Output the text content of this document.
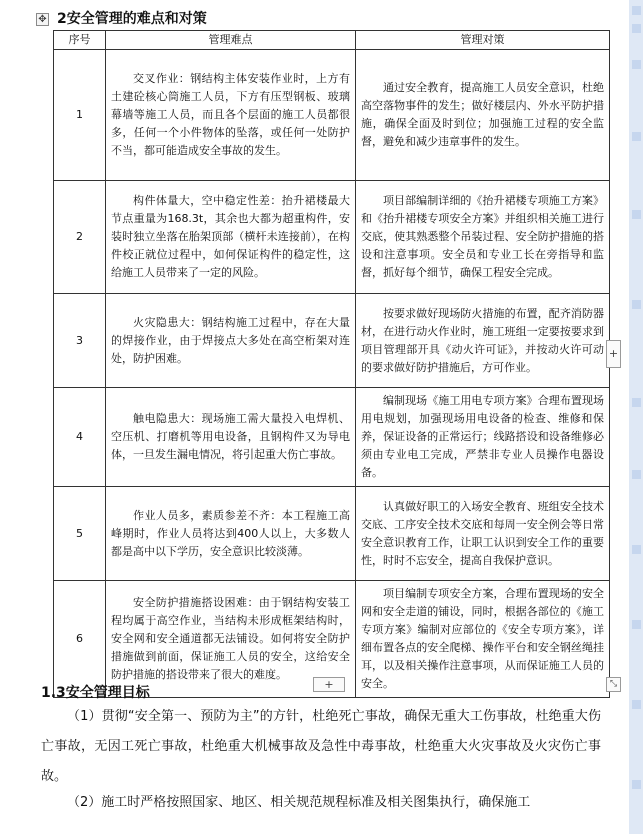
✥ 2安全管理的难点和对策
序号	管理难点	管理对策
1	交叉作业：钢结构主体安装作业时，上方有土建砼核心筒施工人员，下方有压型钢板、玻璃幕墙等施工人员，而且各个层面的施工人员都很多，任何一个小件物体的坠落，或任何一处防护不当，都可能造成安全事故的发生。	通过安全教育，提高施工人员安全意识，杜绝高空落物事件的发生；做好楼层内、外水平防护措施，确保全面及时到位；加强施工过程的安全监督，避免和减少违章事件的发生。
2	构件体量大，空中稳定性差：抬升裙楼最大节点重量为168.3t，其余也大都为超重构件，安装时独立坐落在胎架顶部（横杆未连接前），在构件校正就位过程中，如何保证构件的稳定性，这给施工人员带来了一定的风险。	项目部编制详细的《抬升裙楼专项施工方案》和《抬升裙楼专项安全方案》并组织相关施工进行交底，使其熟悉整个吊装过程、安全防护措施的搭设和注意事项。安全员和专业工长在旁指导和监督，抓好每个细节，确保工程安全完成。
3	火灾隐患大：钢结构施工过程中，存在大量的焊接作业，由于焊接点大多处在高空桁架对连处，防护困难。	按要求做好现场防火措施的布置，配齐消防器材，在进行动火作业时，施工班组一定要按要求到项目管理部开具《动火许可证》，并按动火许可动的要求做好防护措施后，方可作业。
4	触电隐患大：现场施工需大量投入电焊机、空压机、打磨机等用电设备，且钢构件又为导电体，一旦发生漏电情况，将引起重大伤亡事故。	编制现场《施工用电专项方案》合理布置现场用电规划，加强现场用电设备的检查、维修和保养，保证设备的正常运行；线路搭设和设备维修必须由专业电工完成，严禁非专业人员操作电器设备。
5	作业人员多，素质参差不齐：本工程施工高峰期时，作业人员将达到400人以上，大多数人都是高中以下学历，安全意识比较淡薄。	认真做好职工的入场安全教育、班组安全技术交底、工序安全技术交底和每周一安全例会等日常安全意识教育工作，让职工认识到安全工作的重要性，时时不忘安全，提高自我保护意识。
6	安全防护措施搭设困难：由于钢结构安装工程均属于高空作业，当结构未形成框架结构时，安全网和安全通道都无法铺设。如何将安全防护措施做到前面，保证施工人员的安全，这给安全防护措施的搭设带来了很大的难度。	项目编制专项安全方案，合理布置现场的安全网和安全走道的铺设，同时，根据各部位的《施工专项方案》编制对应部位的《安全专项方案》，详细布置各点的安全爬梯、操作平台和安全钢丝绳挂耳，以及相关操作注意事项，从而保证施工人员的安全。
+
+	⤡
1.3安全管理目标

（1）贯彻“安全第一、预防为主”的方针，杜绝死亡事故，确保无重大工伤事故，杜绝重大伤亡事故，无因工死亡事故，杜绝重大机械事故及急性中毒事故，杜绝重大火灾事故及火灾伤亡事故。

（2）施工时严格按照国家、地区、相关规范规程标准及相关图集执行，确保施工
